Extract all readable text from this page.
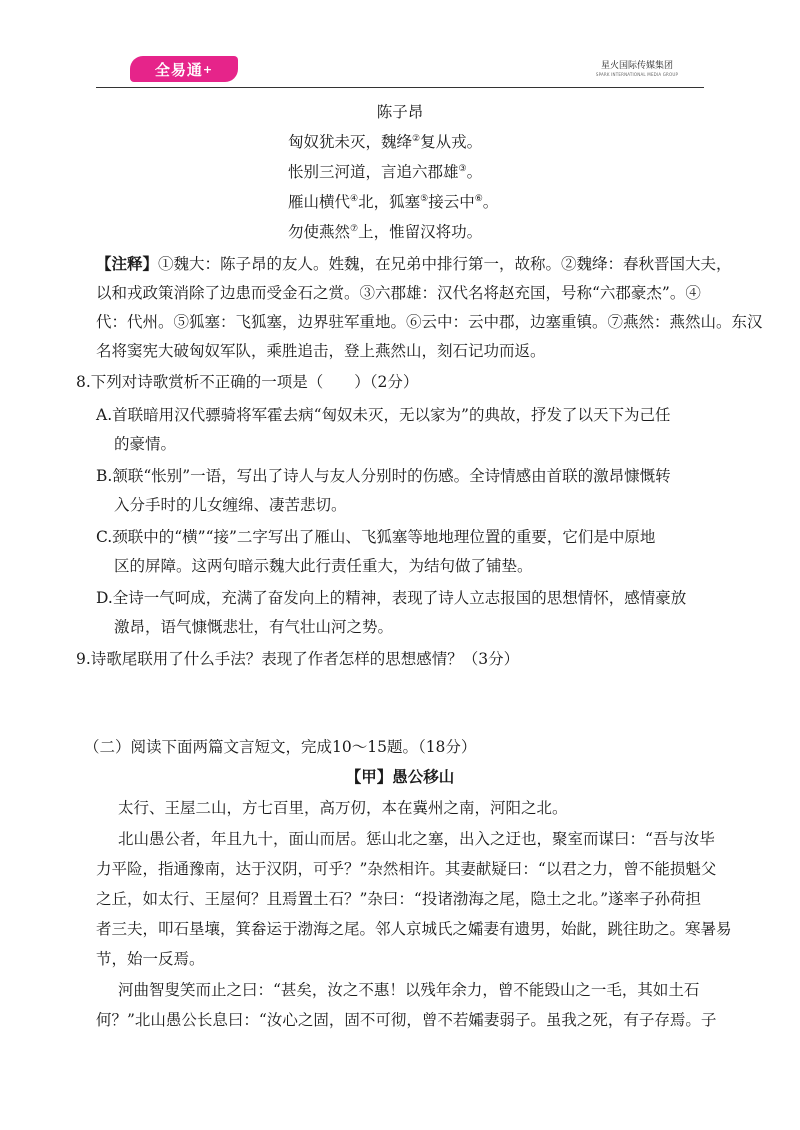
全易通 +	星火国际传媒集团
SPARK INTERNATIONAL MEDIA GROUP
陈子昂
匈奴犹未灭，魏绛②复从戎。
怅别三河道，言追六郡雄③。
雁山横代④北，狐塞⑤接云中⑥。
勿使燕然⑦上，惟留汉将功。
【注释】①魏大：陈子昂的友人。姓魏，在兄弟中排行第一，故称。②魏绛：春秋晋国大夫，
以和戎政策消除了边患而受金石之赏。③六郡雄：汉代名将赵充国，号称“六郡豪杰”。④
代：代州。⑤狐塞：飞狐塞，边界驻军重地。⑥云中：云中郡，边塞重镇。⑦燕然：燕然山。东汉
名将窦宪大破匈奴军队，乘胜追击，登上燕然山，刻石记功而返。
8.下列对诗歌赏析不正确的一项是（　　）（2分）
A.首联暗用汉代骠骑将军霍去病“匈奴未灭，无以家为”的典故，抒发了以天下为己任
的豪情。
B.颔联“怅别”一语，写出了诗人与友人分别时的伤感。全诗情感由首联的激昂慷慨转
入分手时的儿女缠绵、凄苦悲切。
C.颈联中的“横”“接”二字写出了雁山、飞狐塞等地地理位置的重要，它们是中原地
区的屏障。这两句暗示魏大此行责任重大，为结句做了铺垫。
D.全诗一气呵成，充满了奋发向上的精神，表现了诗人立志报国的思想情怀，感情豪放
激昂，语气慷慨悲壮，有气壮山河之势。
9.诗歌尾联用了什么手法？表现了作者怎样的思想感情？（3分）
（二）阅读下面两篇文言短文，完成10～15题。（18分）
【甲】愚公移山
太行、王屋二山，方七百里，高万仞，本在冀州之南，河阳之北。
北山愚公者，年且九十，面山而居。惩山北之塞，出入之迂也，聚室而谋曰：“吾与汝毕
力平险，指通豫南，达于汉阴，可乎？”杂然相许。其妻献疑曰：“以君之力，曾不能损魁父
之丘，如太行、王屋何？且焉置土石？”杂曰：“投诸渤海之尾，隐土之北。”遂率子孙荷担
者三夫，叩石垦壤，箕畚运于渤海之尾。邻人京城氏之孀妻有遗男，始龀，跳往助之。寒暑易
节，始一反焉。
河曲智叟笑而止之曰：“甚矣，汝之不惠！以残年余力，曾不能毁山之一毛，其如土石
何？”北山愚公长息曰：“汝心之固，固不可彻，曾不若孀妻弱子。虽我之死，有子存焉。子
